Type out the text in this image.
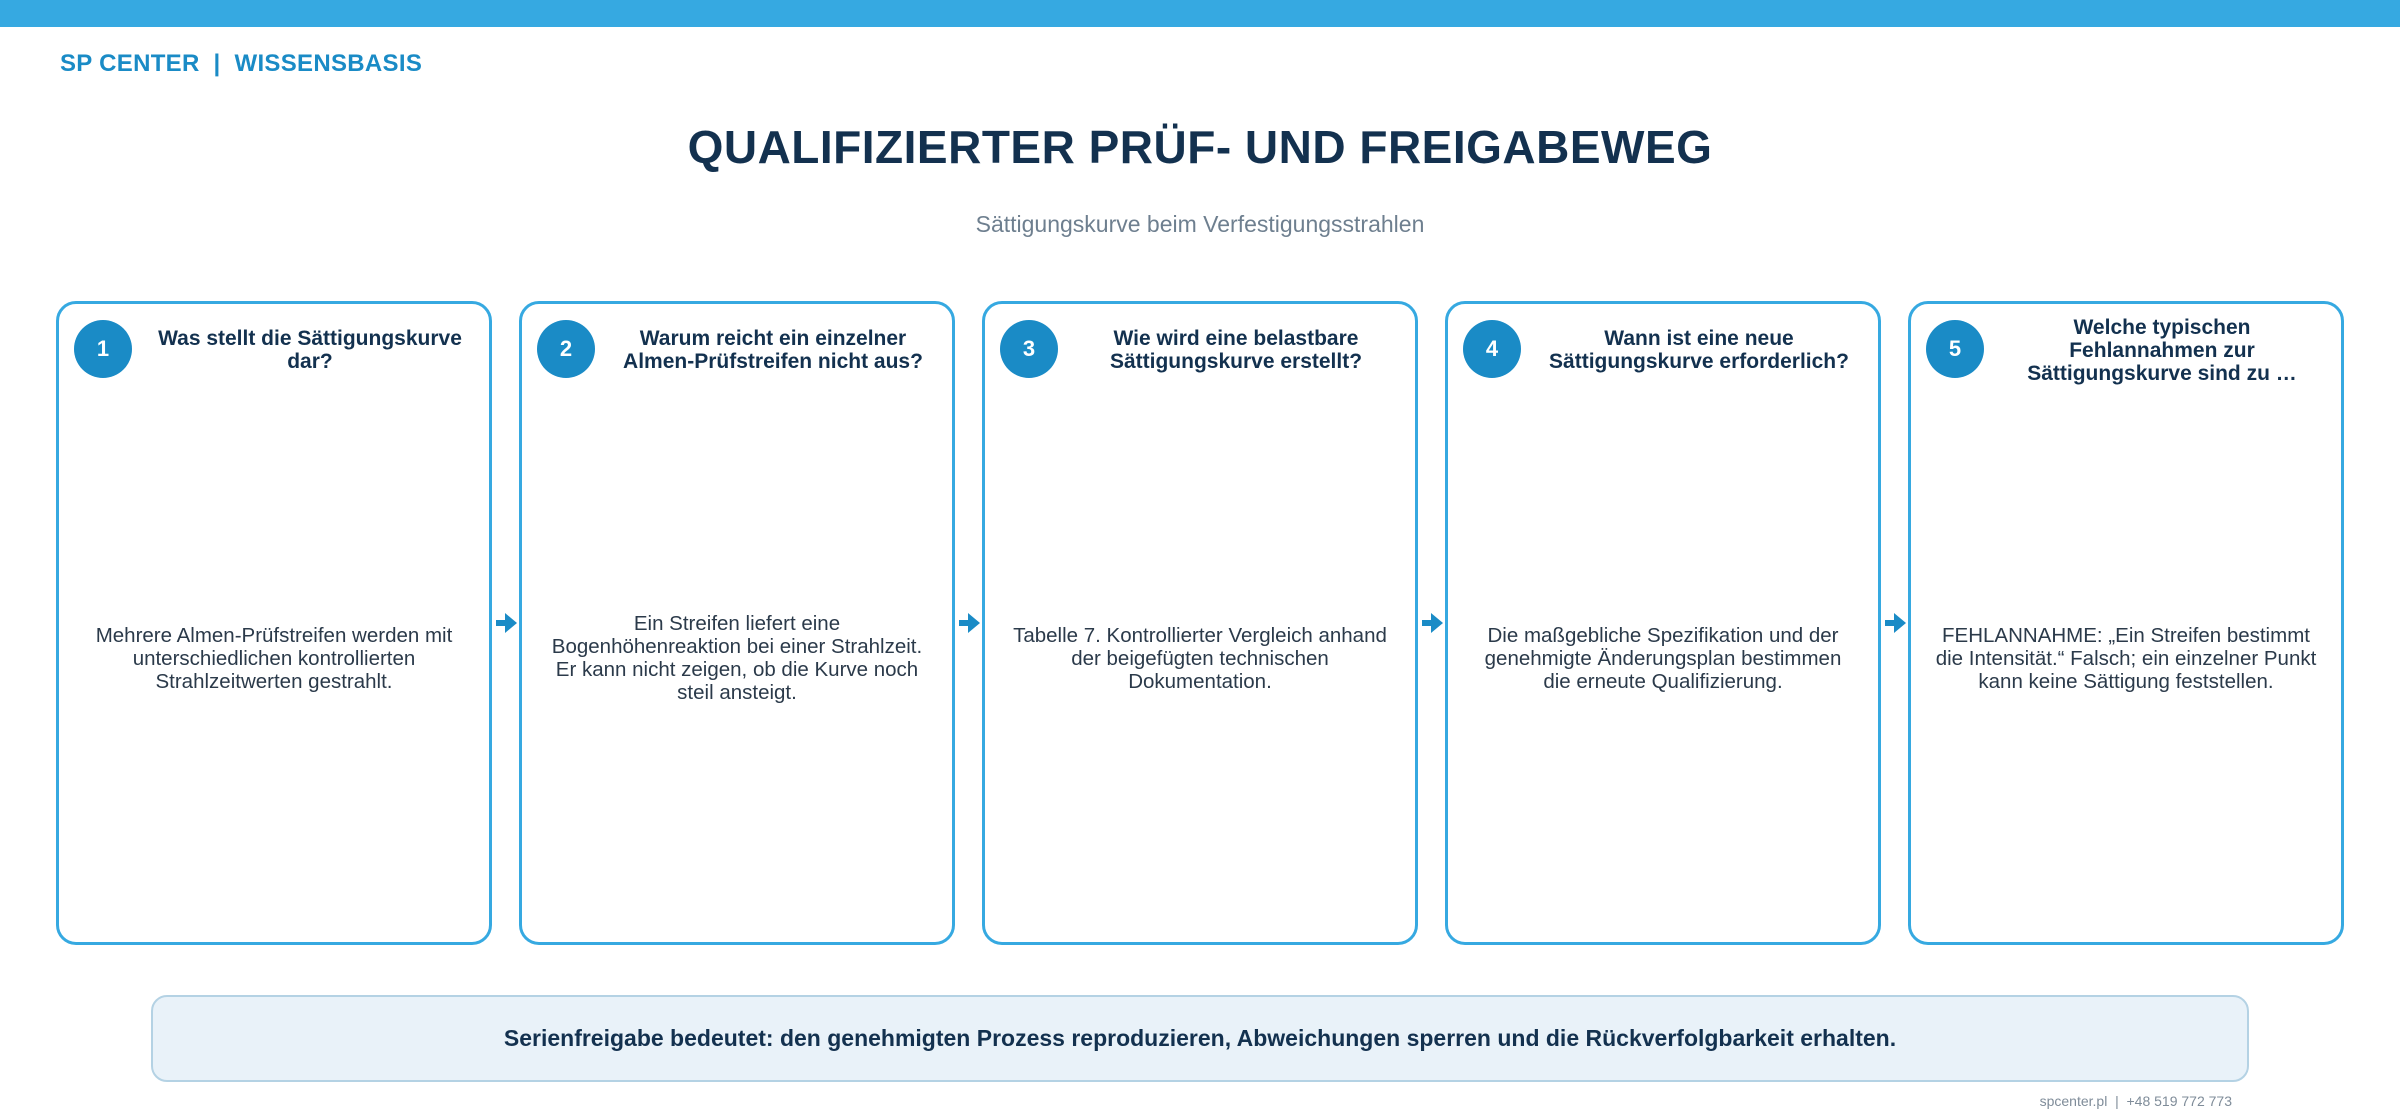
SP CENTER  |  WISSENSBASIS
QUALIFIZIERTER PRÜF- UND FREIGABEWEG
Sättigungskurve beim Verfestigungsstrahlen
1	Was stellt die Sättigungskurve dar?
Mehrere Almen-Prüfstreifen werden mit unterschiedlichen kontrollierten Strahlzeitwerten gestrahlt.
2	Warum reicht ein einzelner Almen-Prüfstreifen nicht aus?
Ein Streifen liefert eine Bogenhöhenreaktion bei einer Strahlzeit. Er kann nicht zeigen, ob die Kurve noch steil ansteigt.
3	Wie wird eine belastbare Sättigungskurve erstellt?
Tabelle 7. Kontrollierter Vergleich anhand der beigefügten technischen Dokumentation.
4	Wann ist eine neue Sättigungskurve erforderlich?
Die maßgebliche Spezifikation und der genehmigte Änderungsplan bestimmen die erneute Qualifizierung.
5
Welche typischen Fehlannahmen zur Sättigungskurve sind zu …
FEHLANNAHME: „Ein Streifen bestimmt die Intensität.“ Falsch; ein einzelner Punkt kann keine Sättigung feststellen.
Serienfreigabe bedeutet: den genehmigten Prozess reproduzieren, Abweichungen sperren und die Rückverfolgbarkeit erhalten.
spcenter.pl  |  +48 519 772 773
